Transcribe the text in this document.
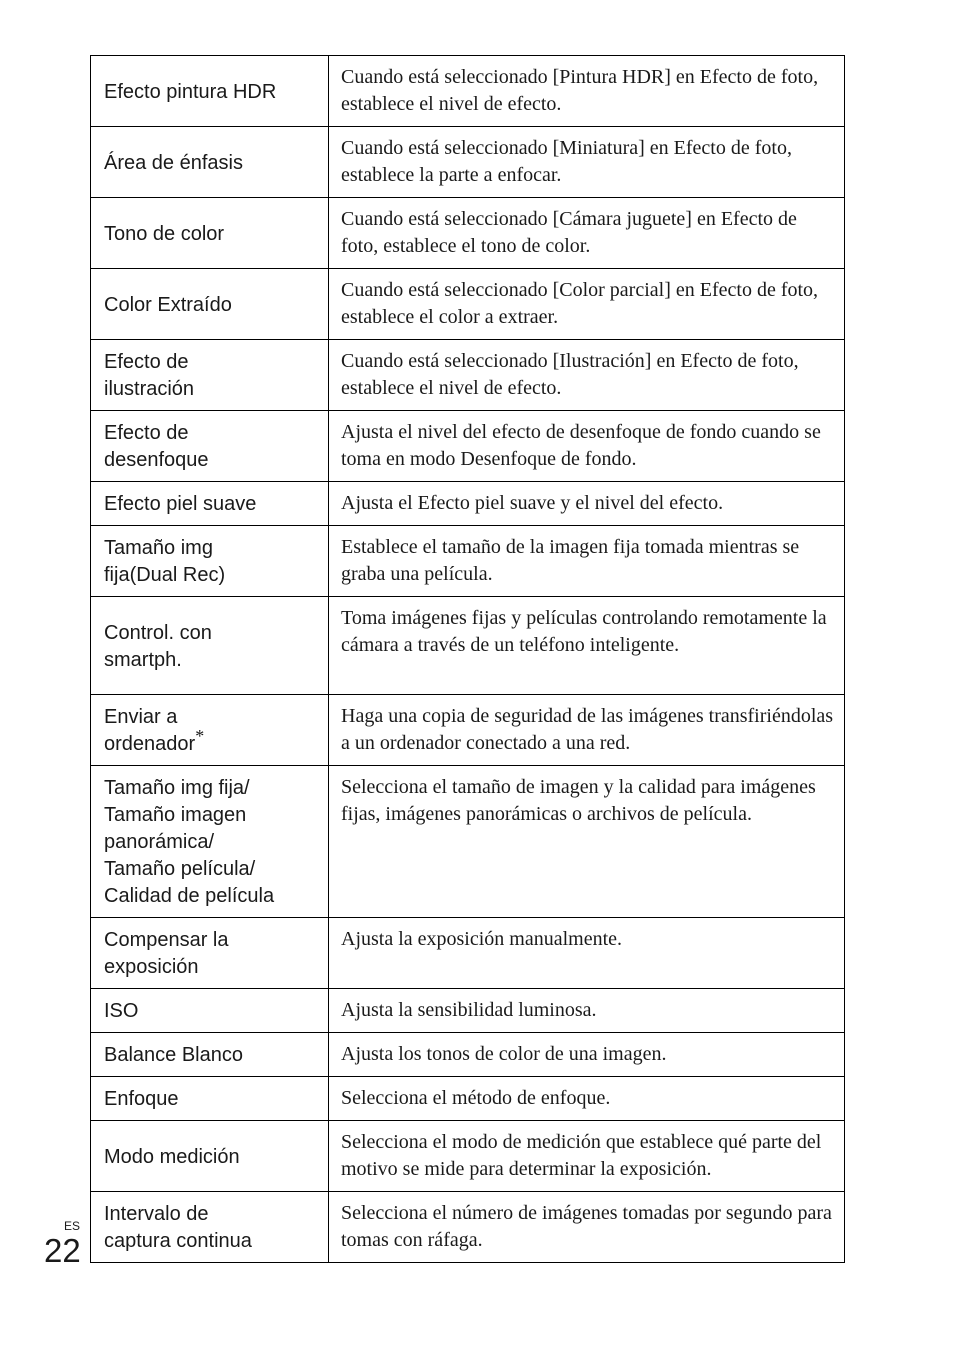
Efecto pintura HDR	Cuando está seleccionado [Pintura HDR] en Efecto de foto, establece el nivel de efecto.

Área de énfasis	Cuando está seleccionado [Miniatura] en Efecto de foto, establece la parte a enfocar.

Tono de color	Cuando está seleccionado [Cámara juguete] en Efecto de foto, establece el tono de color.

Color Extraído	Cuando está seleccionado [Color parcial] en Efecto de foto, establece el color a extraer.

Efecto de
ilustración	Cuando está seleccionado [Ilustración] en Efecto de foto, establece el nivel de efecto.

Efecto de
desenfoque	Ajusta el nivel del efecto de desenfoque de fondo cuando se toma en modo Desenfoque de fondo.

Efecto piel suave	Ajusta el Efecto piel suave y el nivel del efecto.

Tamaño img
fija(Dual Rec)	Establece el tamaño de la imagen fija tomada mientras se graba una película.

Control. con
smartph.	Toma imágenes fijas y películas controlando remotamente la cámara a través de un teléfono inteligente.

Enviar a
ordenador*	Haga una copia de seguridad de las imágenes transfiriéndolas a un ordenador conectado a una red.

Tamaño img fija/
Tamaño imagen
panorámica/
Tamaño película/
Calidad de película	Selecciona el tamaño de imagen y la calidad para imágenes fijas, imágenes panorámicas o archivos de película.

Compensar la
exposición	Ajusta la exposición manualmente.

ISO	Ajusta la sensibilidad luminosa.

Balance Blanco	Ajusta los tonos de color de una imagen.

Enfoque	Selecciona el método de enfoque.

Modo medición	Selecciona el modo de medición que establece qué parte del motivo se mide para determinar la exposición.

Intervalo de
captura continua	Selecciona el número de imágenes tomadas por segundo para tomas con ráfaga.
ES
22
